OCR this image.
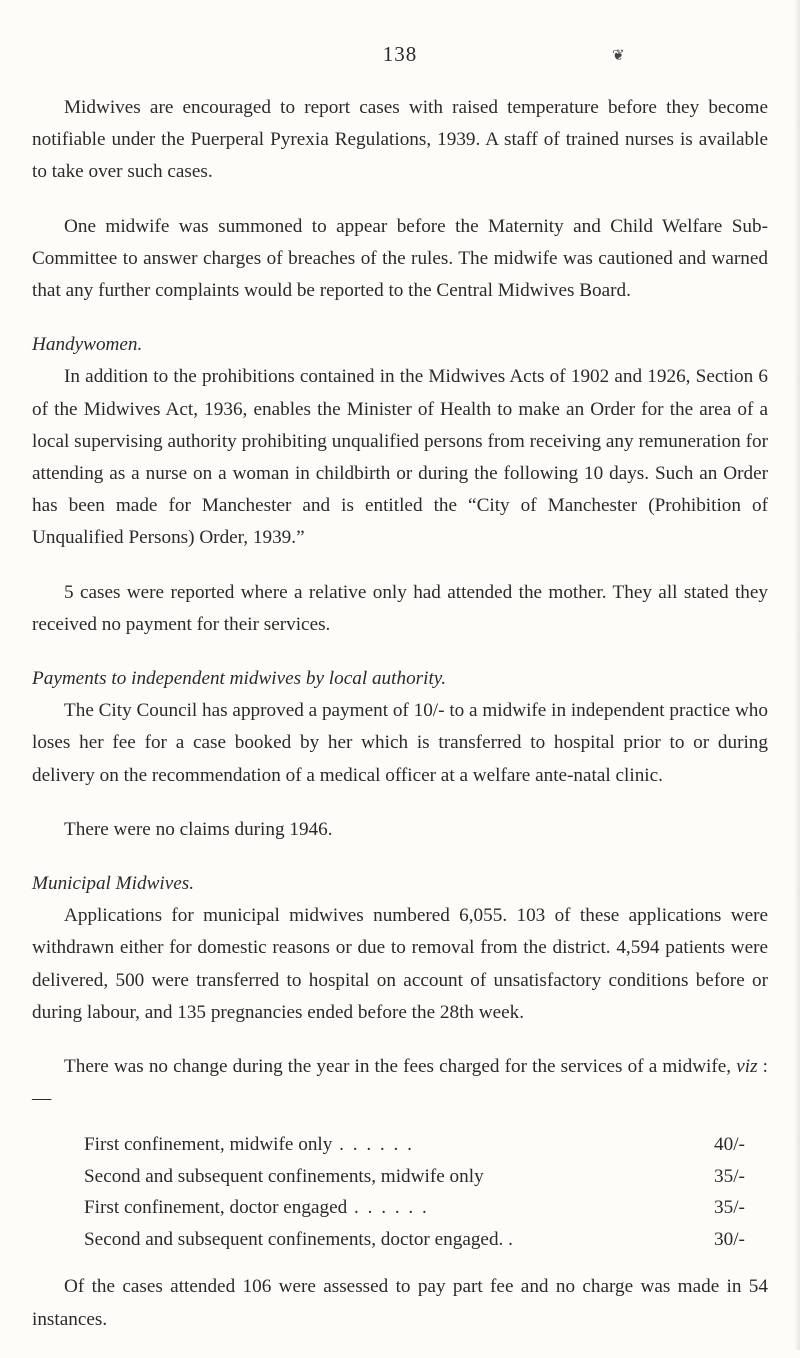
138	❦

Midwives are encouraged to report cases with raised temperature before they become notifiable under the Puerperal Pyrexia Regulations, 1939. A staff of trained nurses is available to take over such cases.

One midwife was summoned to appear before the Maternity and Child Welfare Sub-Committee to answer charges of breaches of the rules. The midwife was cautioned and warned that any further complaints would be reported to the Central Midwives Board.

Handywomen.

In addition to the prohibitions contained in the Midwives Acts of 1902 and 1926, Section 6 of the Midwives Act, 1936, enables the Minister of Health to make an Order for the area of a local supervising authority prohibiting unqualified persons from receiving any remuneration for attending as a nurse on a woman in childbirth or during the following 10 days. Such an Order has been made for Manchester and is entitled the “City of Manchester (Prohibition of Unqualified Persons) Order, 1939.”

5 cases were reported where a relative only had attended the mother. They all stated they received no payment for their services.

Payments to independent midwives by local authority.

The City Council has approved a payment of 10/- to a midwife in independent practice who loses her fee for a case booked by her which is transferred to hospital prior to or during delivery on the recommendation of a medical officer at a welfare ante-natal clinic.

There were no claims during 1946.

Municipal Midwives.

Applications for municipal midwives numbered 6,055. 103 of these applications were withdrawn either for domestic reasons or due to removal from the district. 4,594 patients were delivered, 500 were transferred to hospital on account of unsatisfactory conditions before or during labour, and 135 pregnancies ended before the 28th week.

There was no change during the year in the fees charged for the services of a midwife, viz :—

First confinement, midwife only . . . . . .	40/-
Second and subsequent confinements, midwife only	35/-
First confinement, doctor engaged . . . . . .	35/-
Second and subsequent confinements, doctor engaged. .	30/-

Of the cases attended 106 were assessed to pay part fee and no charge was made in 54 instances.
